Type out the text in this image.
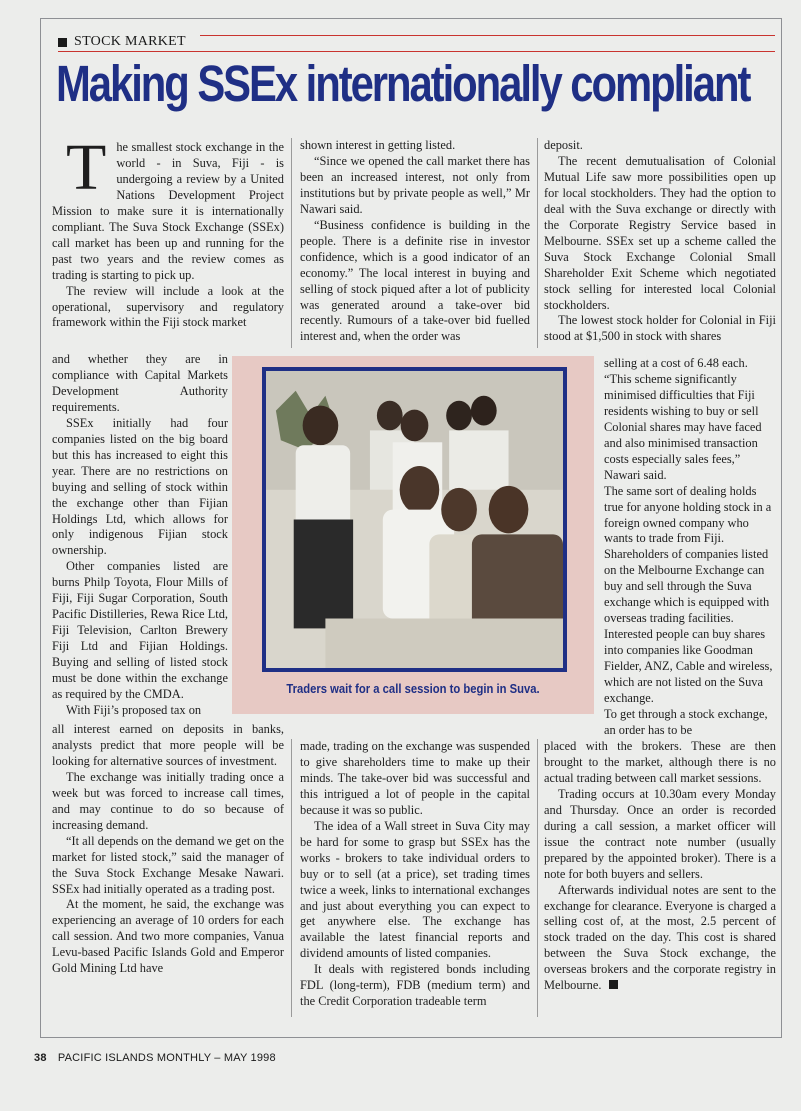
STOCK MARKET
Making SSEx internationally compliant

The smallest stock exchange in the world - in Suva, Fiji - is undergoing a review by a United Nations Development Project Mission to make sure it is internationally compliant. The Suva Stock Exchange (SSEx) call market has been up and running for the past two years and the review comes as trading is starting to pick up.

The review will include a look at the operational, supervisory and regulatory framework within the Fiji stock market

and whether they are in compliance with Capital Markets Development Authority requirements.

SSEx initially had four companies listed on the big board but this has increased to eight this year. There are no restrictions on buying and selling of stock within the exchange other than Fijian Holdings Ltd, which allows for only indigenous Fijian stock ownership.

Other companies listed are burns Philp Toyota, Flour Mills of Fiji, Fiji Sugar Corporation, South Pacific Distilleries, Rewa Rice Ltd, Fiji Television, Carlton Brewery Fiji Ltd and Fijian Holdings. Buying and selling of listed stock must be done within the exchange as required by the CMDA.

With Fiji’s proposed tax on

all interest earned on deposits in banks, analysts predict that more people will be looking for alternative sources of investment.

The exchange was initially trading once a week but was forced to increase call times, and may continue to do so because of increasing demand.

“It all depends on the demand we get on the market for listed stock,” said the manager of the Suva Stock Exchange Mesake Nawari. SSEx had initially operated as a trading post.

At the moment, he said, the exchange was experiencing an average of 10 orders for each call session. And two more companies, Vanua Levu-based Pacific Islands Gold and Emperor Gold Mining Ltd have

shown interest in getting listed.

“Since we opened the call market there has been an increased interest, not only from institutions but by private people as well,” Mr Nawari said.

“Business confidence is building in the people. There is a definite rise in investor confidence, which is a good indicator of an economy.” The local interest in buying and selling of stock piqued after a lot of publicity was generated around a take-over bid recently. Rumours of a take-over bid fuelled interest and, when the order was

made, trading on the exchange was suspended to give shareholders time to make up their minds. The take-over bid was successful and this intrigued a lot of people in the capital because it was so public.

The idea of a Wall street in Suva City may be hard for some to grasp but SSEx has the works - brokers to take individual orders to buy or to sell (at a price), set trading times twice a week, links to international exchanges and just about everything you can expect to get anywhere else. The exchange has available the latest financial reports and dividend amounts of listed companies.

It deals with registered bonds including FDL (long-term), FDB (medium term) and the Credit Corporation tradeable term

deposit.

The recent demutualisation of Colonial Mutual Life saw more possibilities open up for local stockholders. They had the option to deal with the Suva exchange or directly with the Corporate Registry Service based in Melbourne. SSEx set up a scheme called the Suva Stock Exchange Colonial Small Shareholder Exit Scheme which negotiated stock selling for interested local Colonial stockholders.

The lowest stock holder for Colonial in Fiji stood at $1,500 in stock with shares

selling at a cost of 6.48 each. “This scheme significantly minimised difficulties that Fiji residents wishing to buy or sell Colonial shares may have faced and also minimised transaction costs especially sales fees,” Nawari said.

The same sort of dealing holds true for anyone holding stock in a foreign owned company who wants to trade from Fiji. Shareholders of companies listed on the Melbourne Exchange can buy and sell through the Suva exchange which is equipped with overseas trading facilities. Interested people can buy shares into companies like Goodman Fielder, ANZ, Cable and wireless, which are not listed on the Suva exchange.

To get through a stock exchange, an order has to be

placed with the brokers. These are then brought to the market, although there is no actual trading between call market sessions.

Trading occurs at 10.30am every Monday and Thursday. Once an order is recorded during a call session, a market officer will issue the contract note number (usually prepared by the appointed broker). There is a note for both buyers and sellers.

Afterwards individual notes are sent to the exchange for clearance. Everyone is charged a selling cost of, at the most, 2.5 percent of stock traded on the day. This cost is shared between the Suva Stock exchange, the overseas brokers and the corporate registry in Melbourne.

Traders wait for a call session to begin in Suva.
38 PACIFIC ISLANDS MONTHLY – MAY 1998
